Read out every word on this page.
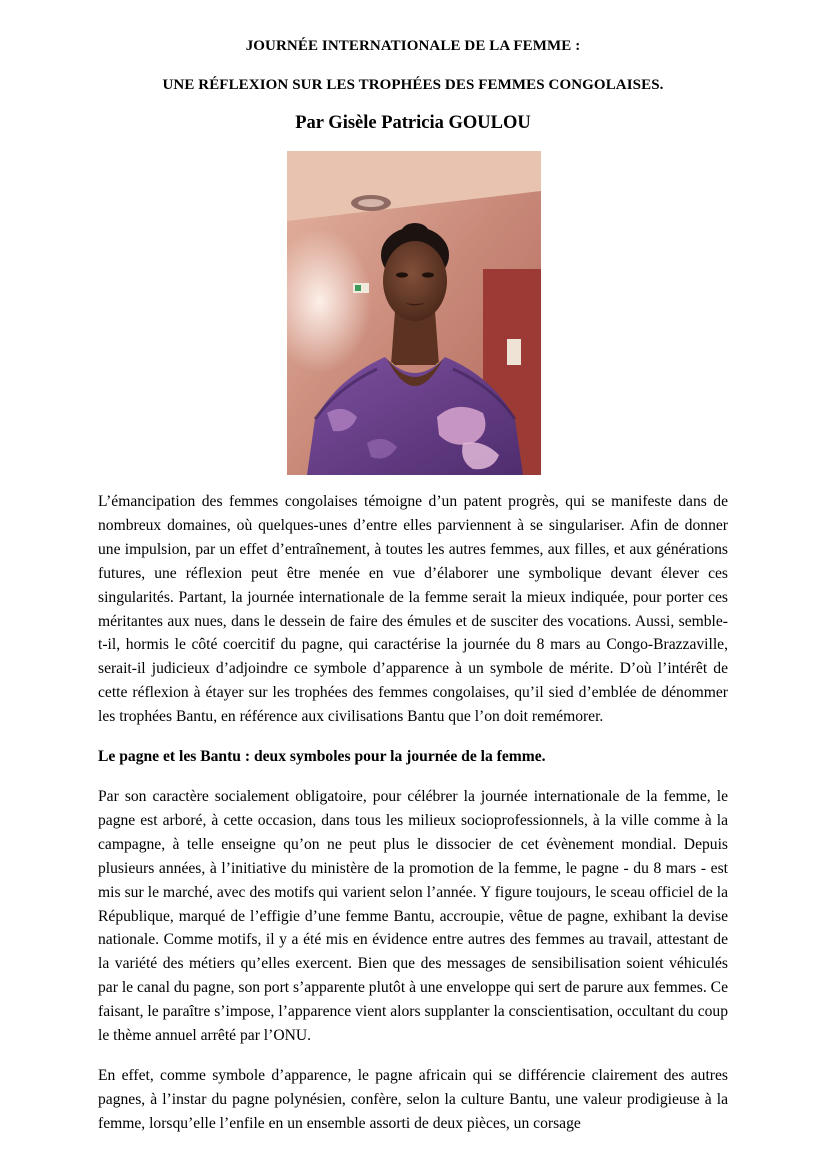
JOURNÉE INTERNATIONALE DE LA FEMME :
UNE RÉFLEXION SUR LES TROPHÉES DES FEMMES CONGOLAISES.
Par Gisèle Patricia GOULOU

L’émancipation des femmes congolaises témoigne d’un patent progrès, qui se manifeste dans de nombreux domaines, où quelques-unes d’entre elles parviennent à se singulariser. Afin de donner une impulsion, par un effet d’entraînement, à toutes les autres femmes, aux filles, et aux générations futures, une réflexion peut être menée en vue d’élaborer une symbolique devant élever ces singularités. Partant, la journée internationale de la femme serait la mieux indiquée, pour porter ces méritantes aux nues, dans le dessein de faire des émules et de susciter des vocations. Aussi, semble-t-il, hormis le côté coercitif du pagne, qui caractérise la journée du 8 mars au Congo-Brazzaville, serait-il judicieux d’adjoindre ce symbole d’apparence à un symbole de mérite. D’où l’intérêt de cette réflexion à étayer sur les trophées des femmes congolaises, qu’il sied d’emblée de dénommer les trophées Bantu, en référence aux civilisations Bantu que l’on doit remémorer.

Le pagne et les Bantu : deux symboles pour la journée de la femme.

Par son caractère socialement obligatoire, pour célébrer la journée internationale de la femme, le pagne est arboré, à cette occasion, dans tous les milieux socioprofessionnels, à la ville comme à la campagne, à telle enseigne qu’on ne peut plus le dissocier de cet évènement mondial. Depuis plusieurs années, à l’initiative du ministère de la promotion de la femme, le pagne - du 8 mars - est mis sur le marché, avec des motifs qui varient selon l’année. Y figure toujours, le sceau officiel de la République, marqué de l’effigie d’une femme Bantu, accroupie, vêtue de pagne, exhibant la devise nationale. Comme motifs, il y a été mis en évidence entre autres des femmes au travail, attestant de la variété des métiers qu’elles exercent. Bien que des messages de sensibilisation soient véhiculés par le canal du pagne, son port s’apparente plutôt à une enveloppe qui sert de parure aux femmes. Ce faisant, le paraître s’impose, l’apparence vient alors supplanter la conscientisation, occultant du coup le thème annuel arrêté par l’ONU.

En effet, comme symbole d’apparence, le pagne africain qui se différencie clairement des autres pagnes, à l’instar du pagne polynésien, confère, selon la culture Bantu, une valeur prodigieuse à la femme, lorsqu’elle l’enfile en un ensemble assorti de deux pièces, un corsage
